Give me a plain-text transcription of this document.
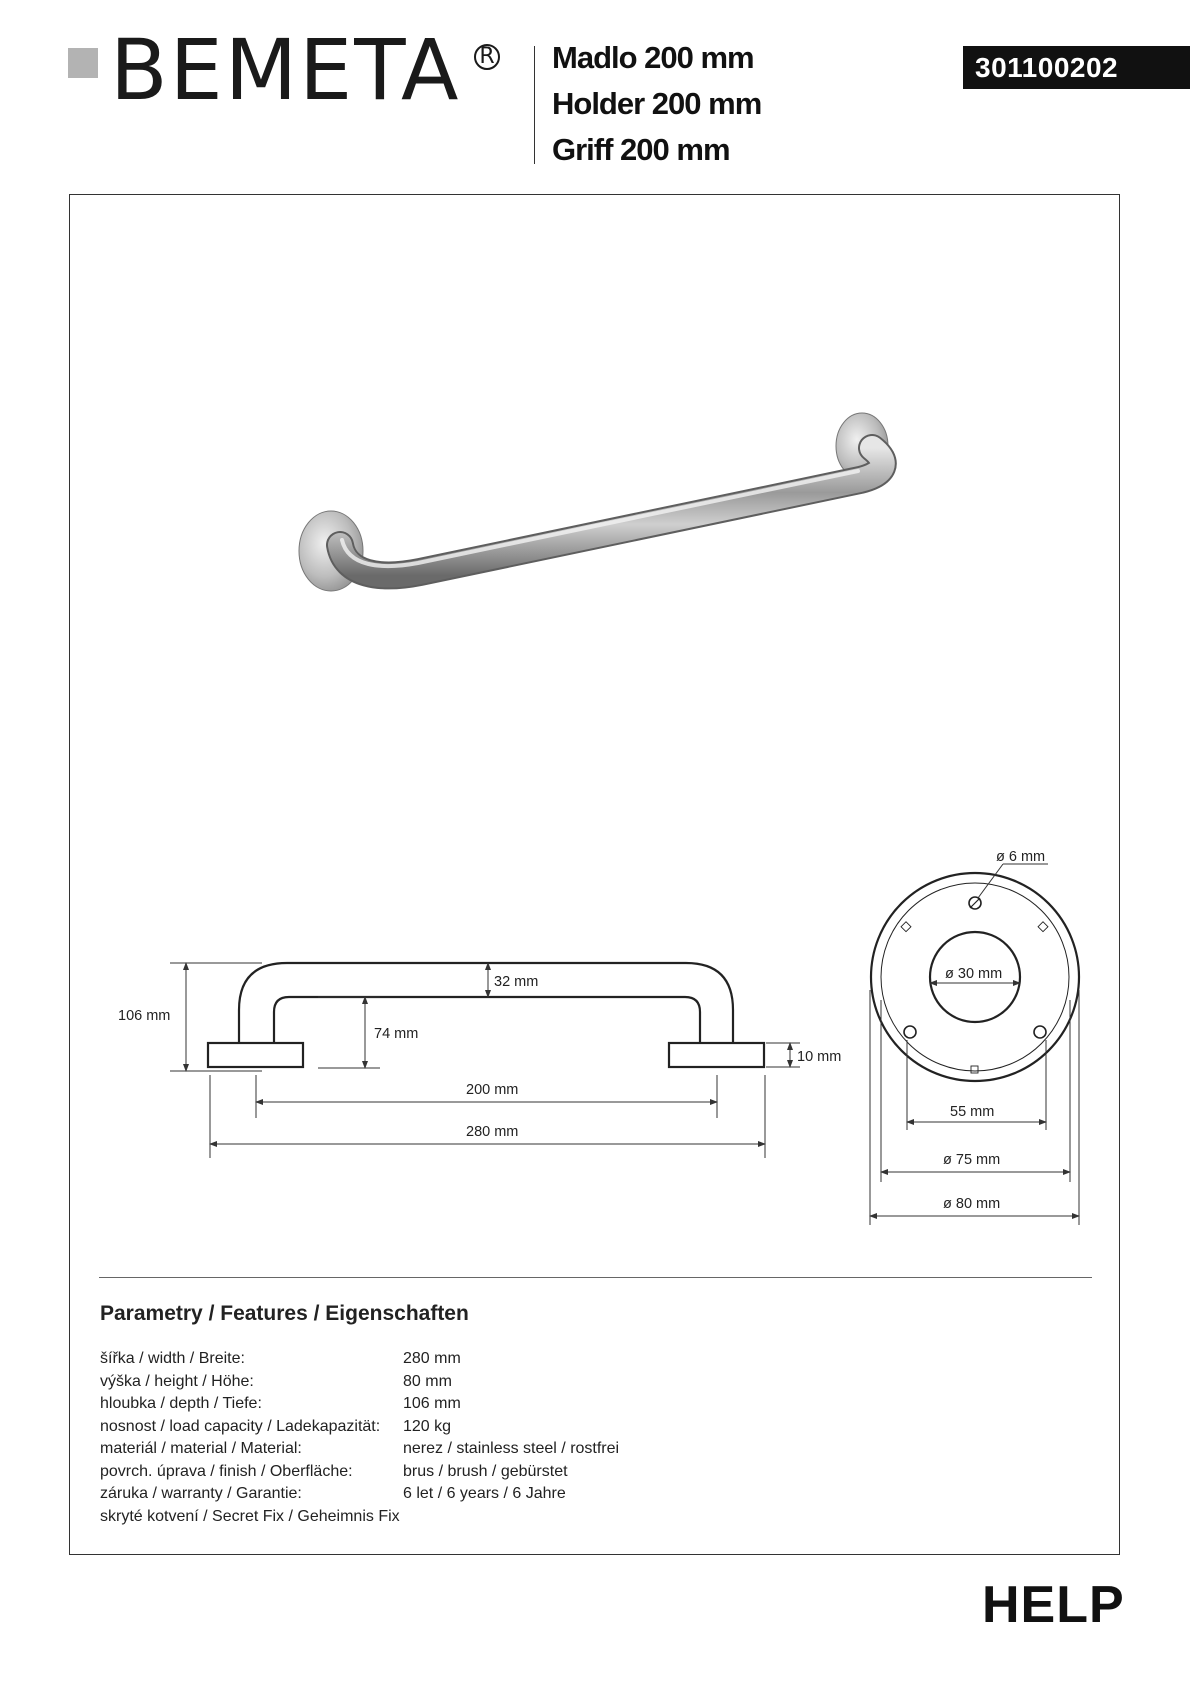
BEMETA R Madlo 200 mm
Holder 200 mm
Griff 200 mm
301100202
106 mm
32 mm
74 mm
10 mm
200 mm
280 mm
ø 6 mm
ø 30 mm
55 mm
ø 75 mm
ø 80 mm
Parametry / Features / Eigenschaften
šířka / width / Breite:	280 mm
výška / height / Höhe:	80 mm
hloubka / depth / Tiefe:	106 mm
nosnost / load capacity / Ladekapazität: 120 kg
materiál / material / Material:	nerez / stainless steel / rostfrei
povrch. úprava / finish / Oberfläche:	brus / brush / gebürstet
záruka / warranty / Garantie:	6 let / 6 years / 6 Jahre
skryté kotvení / Secret Fix / Geheimnis Fix
HELP
